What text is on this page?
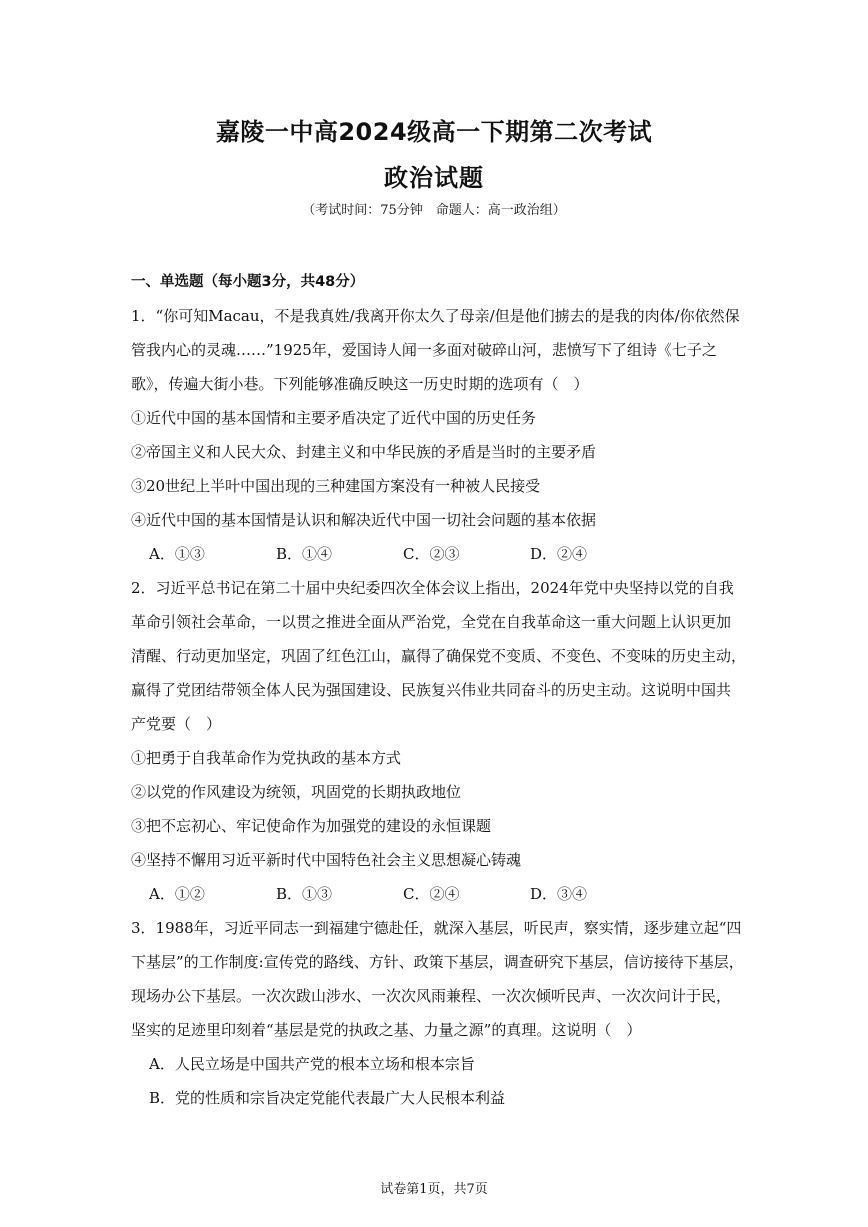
嘉陵一中高2024级高一下期第二次考试
政治试题
（考试时间：75分钟　命题人：高一政治组）
一、单选题（每小题3分，共48分）
1．“你可知Macau，不是我真姓/我离开你太久了母亲/但是他们掳去的是我的肉体/你依然保
管我内心的灵魂……”1925年，爱国诗人闻一多面对破碎山河，悲愤写下了组诗《七子之
歌》，传遍大街小巷。下列能够准确反映这一历史时期的选项有（　）
①近代中国的基本国情和主要矛盾决定了近代中国的历史任务
②帝国主义和人民大众、封建主义和中华民族的矛盾是当时的主要矛盾
③20世纪上半叶中国出现的三种建国方案没有一种被人民接受
④近代中国的基本国情是认识和解决近代中国一切社会问题的基本依据
A．①③	B．①④	C．②③	D．②④
2．习近平总书记在第二十届中央纪委四次全体会议上指出，2024年党中央坚持以党的自我
革命引领社会革命，一以贯之推进全面从严治党，全党在自我革命这一重大问题上认识更加
清醒、行动更加坚定，巩固了红色江山，赢得了确保党不变质、不变色、不变味的历史主动，
赢得了党团结带领全体人民为强国建设、民族复兴伟业共同奋斗的历史主动。这说明中国共
产党要（　）
①把勇于自我革命作为党执政的基本方式
②以党的作风建设为统领，巩固党的长期执政地位
③把不忘初心、牢记使命作为加强党的建设的永恒课题
④坚持不懈用习近平新时代中国特色社会主义思想凝心铸魂
A．①②	B．①③	C．②④	D．③④
3．1988年，习近平同志一到福建宁德赴任，就深入基层，听民声，察实情，逐步建立起“四
下基层”的工作制度:宣传党的路线、方针、政策下基层，调查研究下基层，信访接待下基层，
现场办公下基层。一次次跋山涉水、一次次风雨兼程、一次次倾听民声、一次次问计于民，
坚实的足迹里印刻着“基层是党的执政之基、力量之源”的真理。这说明（　）
A．人民立场是中国共产党的根本立场和根本宗旨
B．党的性质和宗旨决定党能代表最广大人民根本利益
试卷第1页，共7页
